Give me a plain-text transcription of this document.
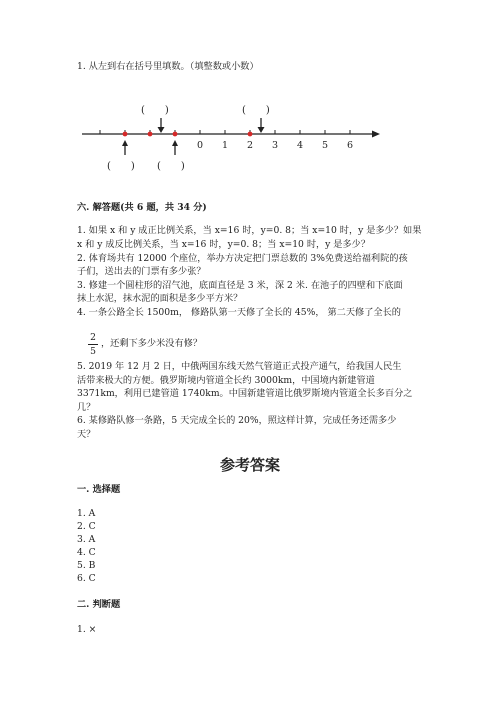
1. 从左到右在括号里填数。（填整数或小数）
(　　)	(　　)
0 1 2 3 4 5 6
(　　) (　　)
六. 解答题(共 6 题，共 34 分)
1. 如果 x 和 y 成正比例关系，当 x=16 时，y=0. 8；当 x=10 时，y 是多少？如果
x 和 y 成反比例关系，当 x=16 时，y=0. 8；当 x=10 时，y 是多少？
2. 体育场共有 12000 个座位，举办方决定把门票总数的 3%免费送给福利院的孩
子们，送出去的门票有多少张？
3. 修建一个圆柱形的沼气池，底面直径是 3 米，深 2 米. 在池子的四壁和下底面
抹上水泥，抹水泥的面积是多少平方米？
4. 一条公路全长 1500m， 修路队第一天修了全长的 45%， 第二天修了全长的
2
5
，还剩下多少米没有修？
5. 2019 年 12 月 2 日，中俄两国东线天然气管道正式投产通气，给我国人民生
活带来极大的方便。俄罗斯境内管道全长约 3000km，中国境内新建管道
3371km，利用已建管道 1740km。中国新建管道比俄罗斯境内管道全长多百分之
几？
6. 某修路队修一条路，5 天完成全长的 20%，照这样计算，完成任务还需多少
天？
参考答案
一. 选择题
1. A
2. C
3. A
4. C
5. B
6. C
二. 判断题
1. ×
